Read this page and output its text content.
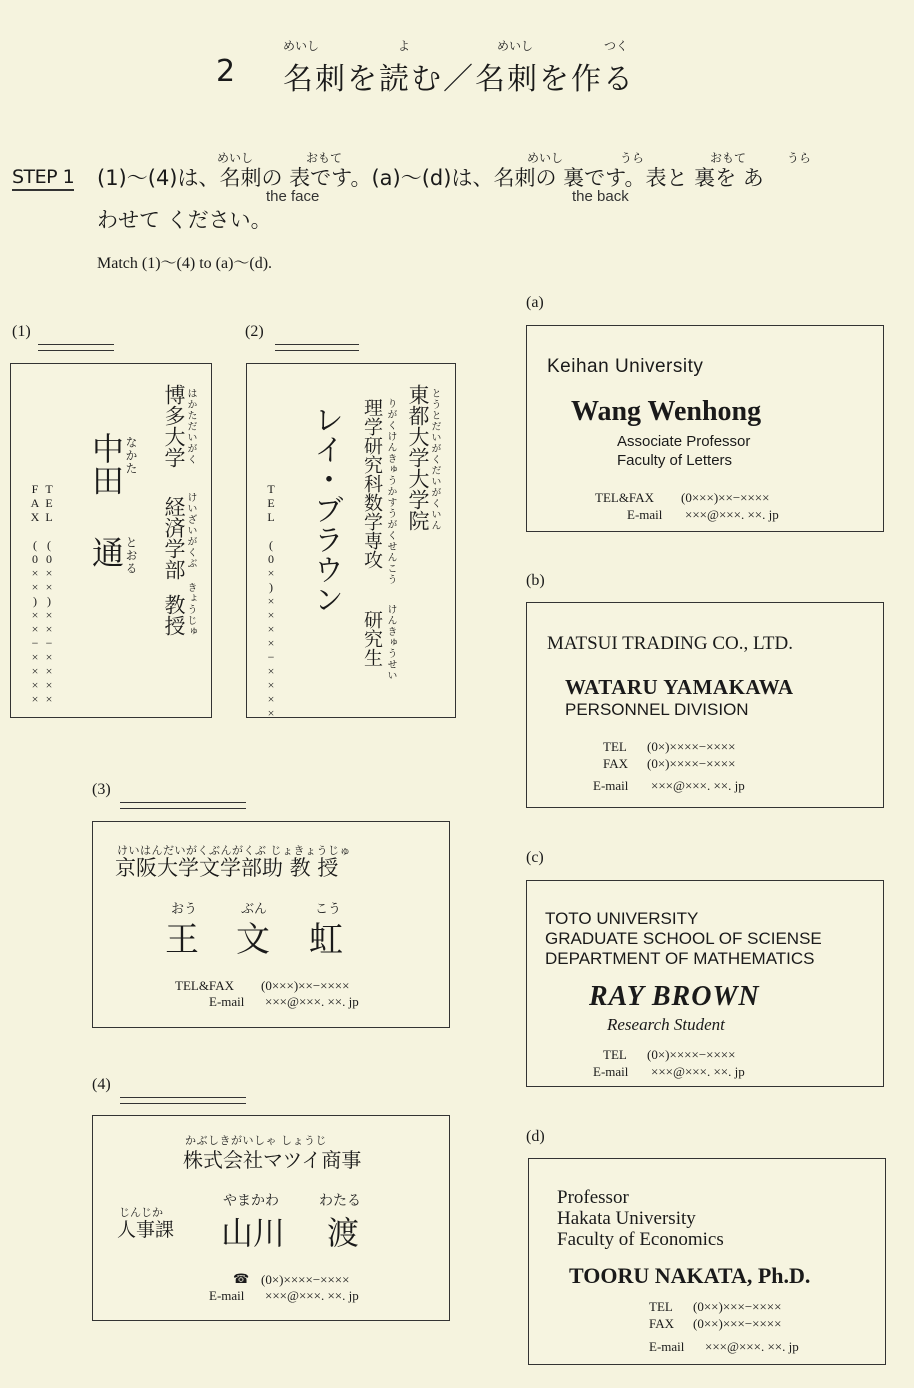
めいし	よ	めいし	つく
2 名刺を読む／名刺を作る
STEP 1
めいし	おもて	めいし	うら	おもて	うら
(1)〜(4)は、名刺の 表です。(a)〜(d)は、名刺の 裏です。表と 裏を あ
the face	the back
わせて ください。
Match (1)〜(4) to (a)〜(d).
(1)
はかただいがく
博多大学
けいざいがくぶ
経済学部
きょうじゅ
教授
なかた
中田
とおる
通
TEL (0××)××−××××
FAX (0××)××−××××
(2)
とうとだいがくだいがくいん
東都大学大学院
りがくけんきゅうかすうがくせんこう
理学研究科数学専攻
けんきゅうせい
研究生
レイ・ブラウン
TEL (0×)××××−××××
(3)
けいはんだいがくぶんがくぶ じょきょうじゅ
京阪大学文学部助 教 授
おう	ぶん	こう
王 文 虹
TEL&FAX (0×××)××−××××
E-mail ×××@×××. ××. jp
(4)
かぶしきがいしゃ しょうじ
株式会社マツイ商事
じんじか
人事課
やまかわ	わたる
山川 渡
☎ (0×)××××−××××
E-mail ×××@×××. ××. jp
(a)
Keihan University
Wang Wenhong
Associate Professor
Faculty of Letters
TEL&FAX (0×××)××−××××
E-mail ×××@×××. ××. jp
(b)
MATSUI TRADING CO., LTD.
WATARU YAMAKAWA
PERSONNEL DIVISION
TEL (0×)××××−××××
FAX (0×)××××−××××
E-mail ×××@×××. ××. jp
(c)
TOTO UNIVERSITY
GRADUATE SCHOOL OF SCIENSE
DEPARTMENT OF MATHEMATICS
RAY BROWN
Research Student
TEL (0×)××××−××××
E-mail ×××@×××. ××. jp
(d)
Professor
Hakata University
Faculty of Economics
TOORU NAKATA, Ph.D.
TEL (0××)×××−××××
FAX (0××)×××−××××
E-mail ×××@×××. ××. jp
